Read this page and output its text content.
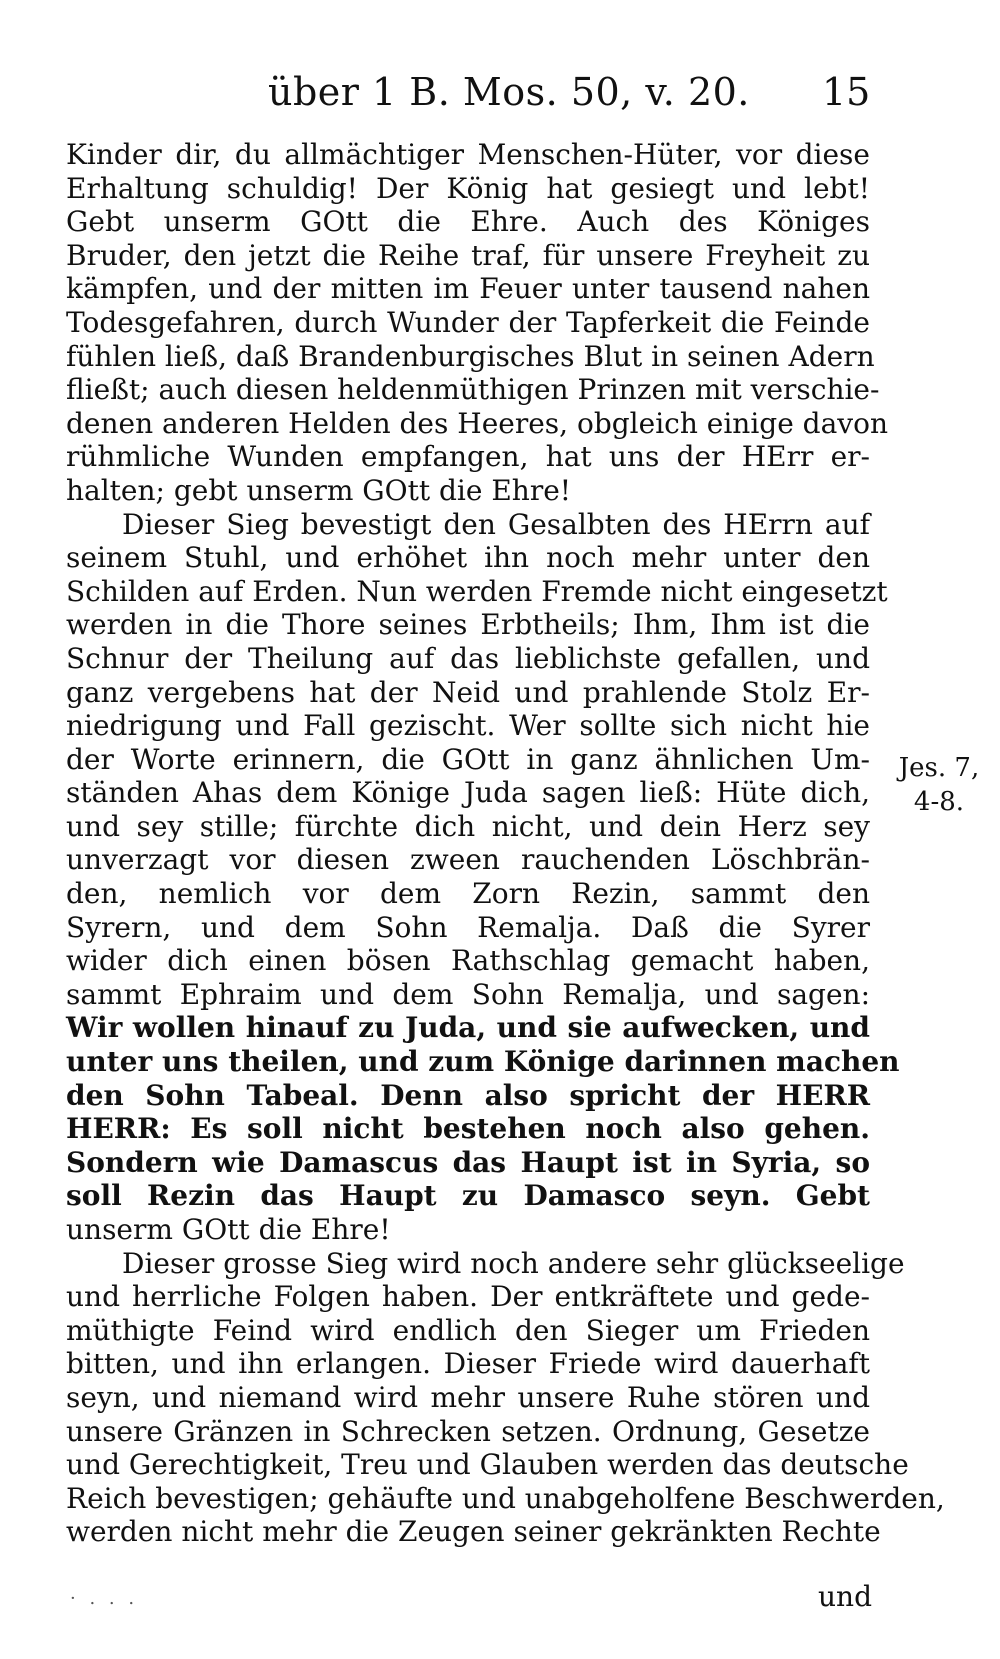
über 1 B. Mos. 50, v. 20. 15
Kinder dir, du allmächtiger Menschen-Hüter, vor diese
Erhaltung schuldig! Der König hat gesiegt und lebt!
Gebt unserm GOtt die Ehre. Auch des Königes
Bruder, den jetzt die Reihe traf, für unsere Freyheit zu
kämpfen, und der mitten im Feuer unter tausend nahen
Todesgefahren, durch Wunder der Tapferkeit die Feinde
fühlen ließ, daß Brandenburgisches Blut in seinen Adern
fließt; auch diesen heldenmüthigen Prinzen mit verschie-
denen anderen Helden des Heeres, obgleich einige davon
rühmliche Wunden empfangen, hat uns der HErr er-
halten; gebt unserm GOtt die Ehre!
Dieser Sieg bevestigt den Gesalbten des HErrn auf
seinem Stuhl, und erhöhet ihn noch mehr unter den
Schilden auf Erden. Nun werden Fremde nicht eingesetzt
werden in die Thore seines Erbtheils; Ihm, Ihm ist die
Schnur der Theilung auf das lieblichste gefallen, und
ganz vergebens hat der Neid und prahlende Stolz Er-
niedrigung und Fall gezischt. Wer sollte sich nicht hie
der Worte erinnern, die GOtt in ganz ähnlichen Um-
ständen Ahas dem Könige Juda sagen ließ: Hüte dich,
und sey stille; fürchte dich nicht, und dein Herz sey
unverzagt vor diesen zween rauchenden Löschbrän-
den, nemlich vor dem Zorn Rezin, sammt den
Syrern, und dem Sohn Remalja. Daß die Syrer
wider dich einen bösen Rathschlag gemacht haben,
sammt Ephraim und dem Sohn Remalja, und sagen:
Wir wollen hinauf zu Juda, und sie aufwecken, und
unter uns theilen, und zum Könige darinnen machen
den Sohn Tabeal. Denn also spricht der HERR
HERR: Es soll nicht bestehen noch also gehen.
Sondern wie Damascus das Haupt ist in Syria, so
soll Rezin das Haupt zu Damasco seyn. Gebt
unserm GOtt die Ehre!
Dieser grosse Sieg wird noch andere sehr glückseelige
und herrliche Folgen haben. Der entkräftete und gede-
müthigte Feind wird endlich den Sieger um Frieden
bitten, und ihn erlangen. Dieser Friede wird dauerhaft
seyn, und niemand wird mehr unsere Ruhe stören und
unsere Gränzen in Schrecken setzen. Ordnung, Gesetze
und Gerechtigkeit, Treu und Glauben werden das deutsche
Reich bevestigen; gehäufte und unabgeholfene Beschwerden,
werden nicht mehr die Zeugen seiner gekränkten Rechte
Jes. 7,
4-8.
· . . .	und
